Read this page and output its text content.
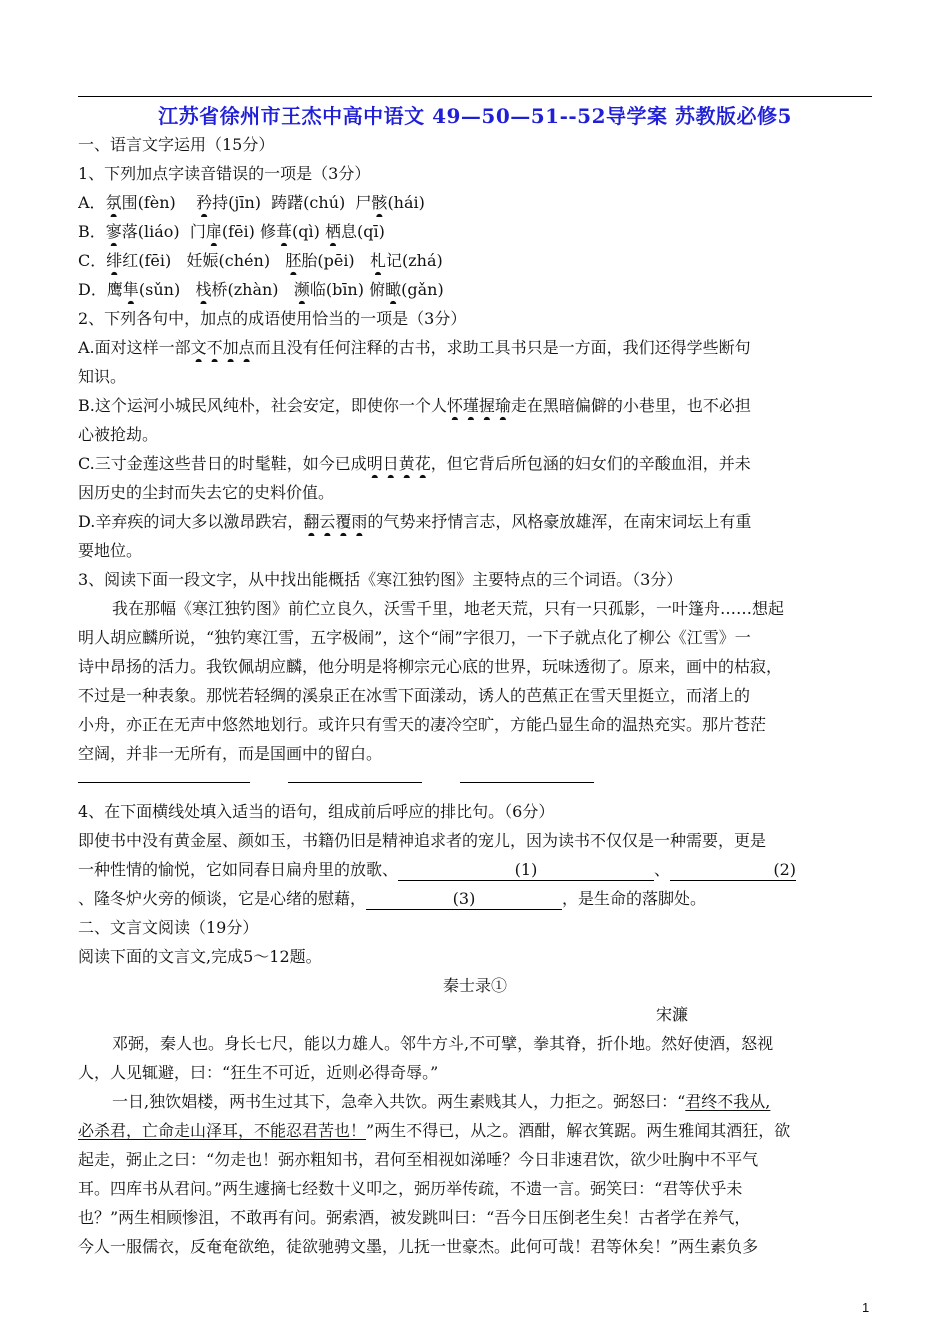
江苏省徐州市王杰中高中语文 49—50—51--52导学案 苏教版必修5
一、语言文字运用（15分）
1、下列加点字读音错误的一项是（3分）
A．氛围(fèn) 矜持(jīn) 踌躇(chú) 尸骸(hái)
B．寥落(liáo) 门扉(fēi) 修葺(qì) 栖息(qī)
C．绯红(fēi) 妊娠(chén) 胚胎(pēi) 札记(zhá)
D．鹰隼(sǔn) 栈桥(zhàn) 濒临(bīn) 俯瞰(gǎn)
2、下列各句中，加点的成语使用恰当的一项是（3分）
A.面对这样一部文不加点而且没有任何注释的古书，求助工具书只是一方面，我们还得学些断句
知识。
B.这个运河小城民风纯朴，社会安定，即使你一个人怀瑾握瑜走在黑暗偏僻的小巷里，也不必担
心被抢劫。
C.三寸金莲这些昔日的时髦鞋，如今已成明日黄花，但它背后所包涵的妇女们的辛酸血泪，并未
因历史的尘封而失去它的史料价值。
D.辛弃疾的词大多以激昂跌宕，翻云覆雨的气势来抒情言志，风格豪放雄浑，在南宋词坛上有重
要地位。
3、阅读下面一段文字，从中找出能概括《寒江独钓图》主要特点的三个词语。（3分）
我在那幅《寒江独钓图》前伫立良久，沃雪千里，地老天荒，只有一只孤影，一叶篷舟……想起
明人胡应麟所说，“独钓寒江雪，五字极闹”，这个“闹”字很刀，一下子就点化了柳公《江雪》一
诗中昂扬的活力。我钦佩胡应麟，他分明是将柳宗元心底的世界，玩味透彻了。原来，画中的枯寂，
不过是一种表象。那恍若轻绸的溪泉正在冰雪下面漾动，诱人的芭蕉正在雪天里挺立，而渚上的
小舟，亦正在无声中悠然地划行。或许只有雪天的凄冷空旷，方能凸显生命的温热充实。那片苍茫
空阔，并非一无所有，而是国画中的留白。
4、在下面横线处填入适当的语句，组成前后呼应的排比句。（6分）
即使书中没有黄金屋、颜如玉，书籍仍旧是精神追求者的宠儿，因为读书不仅仅是一种需要，更是
一种性情的愉悦，它如同春日扁舟里的放歌、	(1)	、	(2)
、隆冬炉火旁的倾谈，它是心绪的慰藉，	(3)	，是生命的落脚处。
二、文言文阅读（19分）
阅读下面的文言文,完成5～12题。
秦士录①
宋濂
邓弼，秦人也。身长七尺，能以力雄人。邻牛方斗,不可擘，拳其脊，折仆地。然好使酒，怒视
人，人见辄避，曰：“狂生不可近，近则必得奇辱。”
一日,独饮娼楼，两书生过其下，急牵入共饮。两生素贱其人，力拒之。弼怒曰：“君终不我从,
必杀君，亡命走山泽耳，不能忍君苦也！”两生不得已，从之。酒酣，解衣箕踞。两生雅闻其酒狂，欲
起走，弼止之曰：“勿走也！弼亦粗知书，君何至相视如涕唾？今日非速君饮，欲少吐胸中不平气
耳。四库书从君问。”两生遽摘七经数十义叩之，弼历举传疏，不遗一言。弼笑曰：“君等伏乎未
也？”两生相顾惨沮，不敢再有问。弼索酒，被发跳叫曰：“吾今日压倒老生矣！古者学在养气，
今人一服儒衣，反奄奄欲绝，徒欲驰骋文墨，儿抚一世豪杰。此何可哉！君等休矣！”两生素负多
1
